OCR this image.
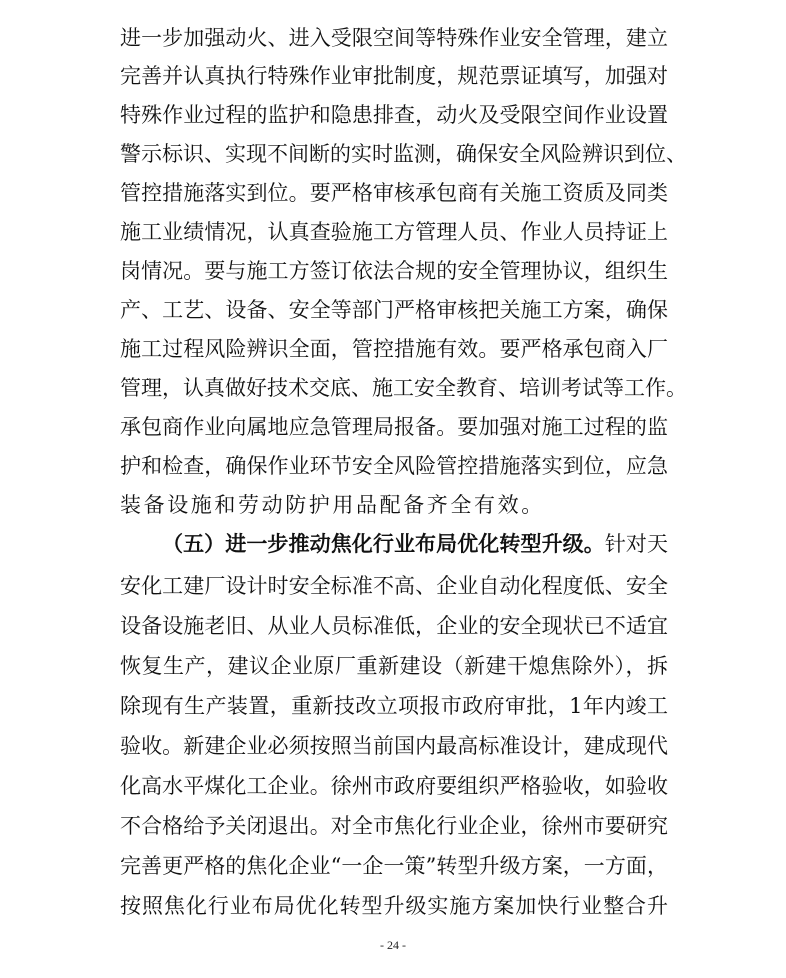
进一步加强动火、进入受限空间等特殊作业安全管理，建立
完善并认真执行特殊作业审批制度，规范票证填写，加强对
特殊作业过程的监护和隐患排查，动火及受限空间作业设置
警示标识、实现不间断的实时监测，确保安全风险辨识到位、
管控措施落实到位。要严格审核承包商有关施工资质及同类
施工业绩情况，认真查验施工方管理人员、作业人员持证上
岗情况。要与施工方签订依法合规的安全管理协议，组织生
产、工艺、设备、安全等部门严格审核把关施工方案，确保
施工过程风险辨识全面，管控措施有效。要严格承包商入厂
管理，认真做好技术交底、施工安全教育、培训考试等工作。
承包商作业向属地应急管理局报备。要加强对施工过程的监
护和检查，确保作业环节安全风险管控措施落实到位，应急
装备设施和劳动防护用品配备齐全有效。
（五）进一步推动焦化行业布局优化转型升级。针对天
安化工建厂设计时安全标准不高、企业自动化程度低、安全
设备设施老旧、从业人员标准低，企业的安全现状已不适宜
恢复生产，建议企业原厂重新建设（新建干熄焦除外），拆
除现有生产装置，重新技改立项报市政府审批，1年内竣工
验收。新建企业必须按照当前国内最高标准设计，建成现代
化高水平煤化工企业。徐州市政府要组织严格验收，如验收
不合格给予关闭退出。对全市焦化行业企业，徐州市要研究
完善更严格的焦化企业“一企一策”转型升级方案，一方面，
按照焦化行业布局优化转型升级实施方案加快行业整合升
- 24 -
